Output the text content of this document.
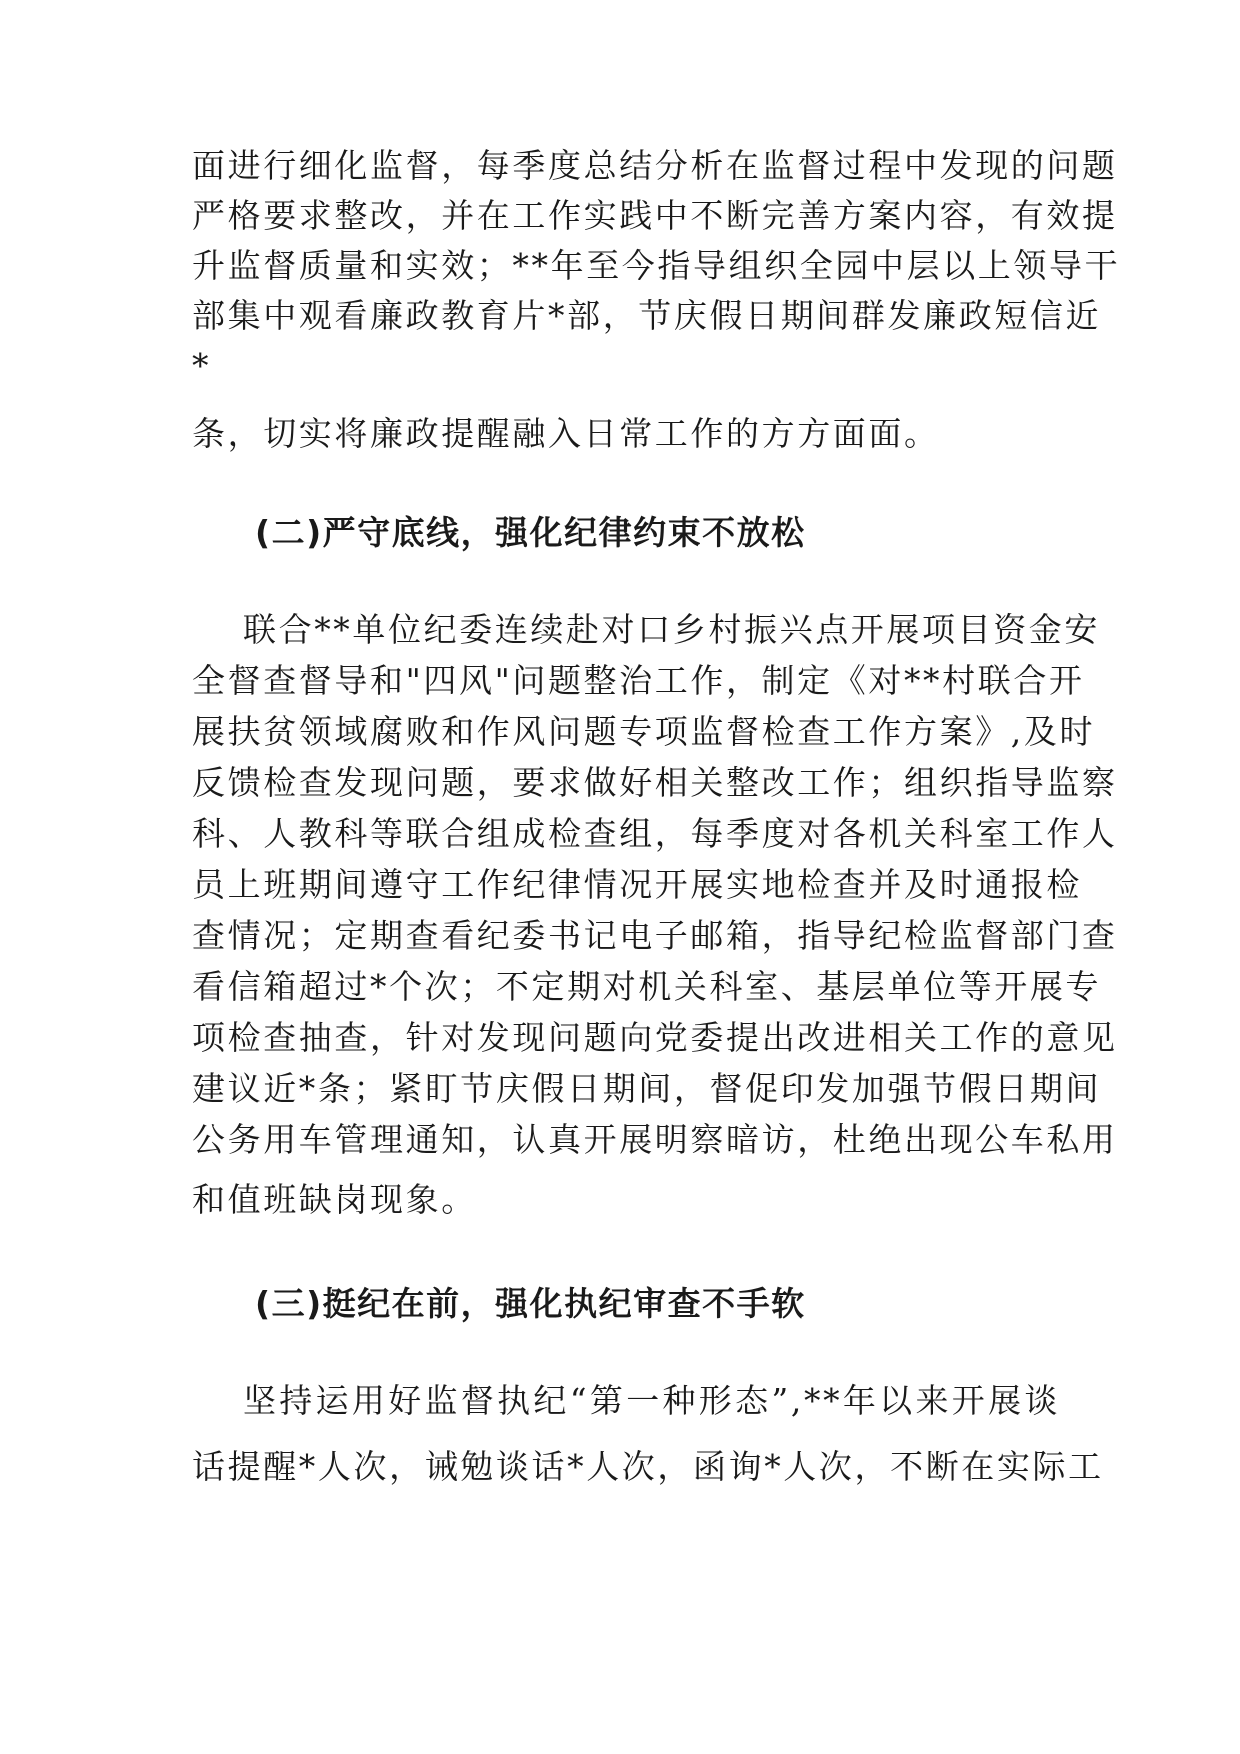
面进行细化监督，每季度总结分析在监督过程中发现的问题
严格要求整改，并在工作实践中不断完善方案内容，有效提
升监督质量和实效；**年至今指导组织全园中层以上领导干
部集中观看廉政教育片*部，节庆假日期间群发廉政短信近
*
条，切实将廉政提醒融入日常工作的方方面面。
(二)严守底线，强化纪律约束不放松
联合**单位纪委连续赴对口乡村振兴点开展项目资金安
全督查督导和"四风"问题整治工作，制定《对**村联合开
展扶贫领域腐败和作风问题专项监督检查工作方案》,及时
反馈检查发现问题，要求做好相关整改工作；组织指导监察
科、人教科等联合组成检查组，每季度对各机关科室工作人
员上班期间遵守工作纪律情况开展实地检查并及时通报检
查情况；定期查看纪委书记电子邮箱，指导纪检监督部门查
看信箱超过*个次；不定期对机关科室、基层单位等开展专
项检查抽查，针对发现问题向党委提出改进相关工作的意见
建议近*条；紧盯节庆假日期间，督促印发加强节假日期间
公务用车管理通知，认真开展明察暗访，杜绝出现公车私用
和值班缺岗现象。
(三)挺纪在前，强化执纪审查不手软
坚持运用好监督执纪“第一种形态”,**年以来开展谈
话提醒*人次，诫勉谈话*人次，函询*人次，不断在实际工
